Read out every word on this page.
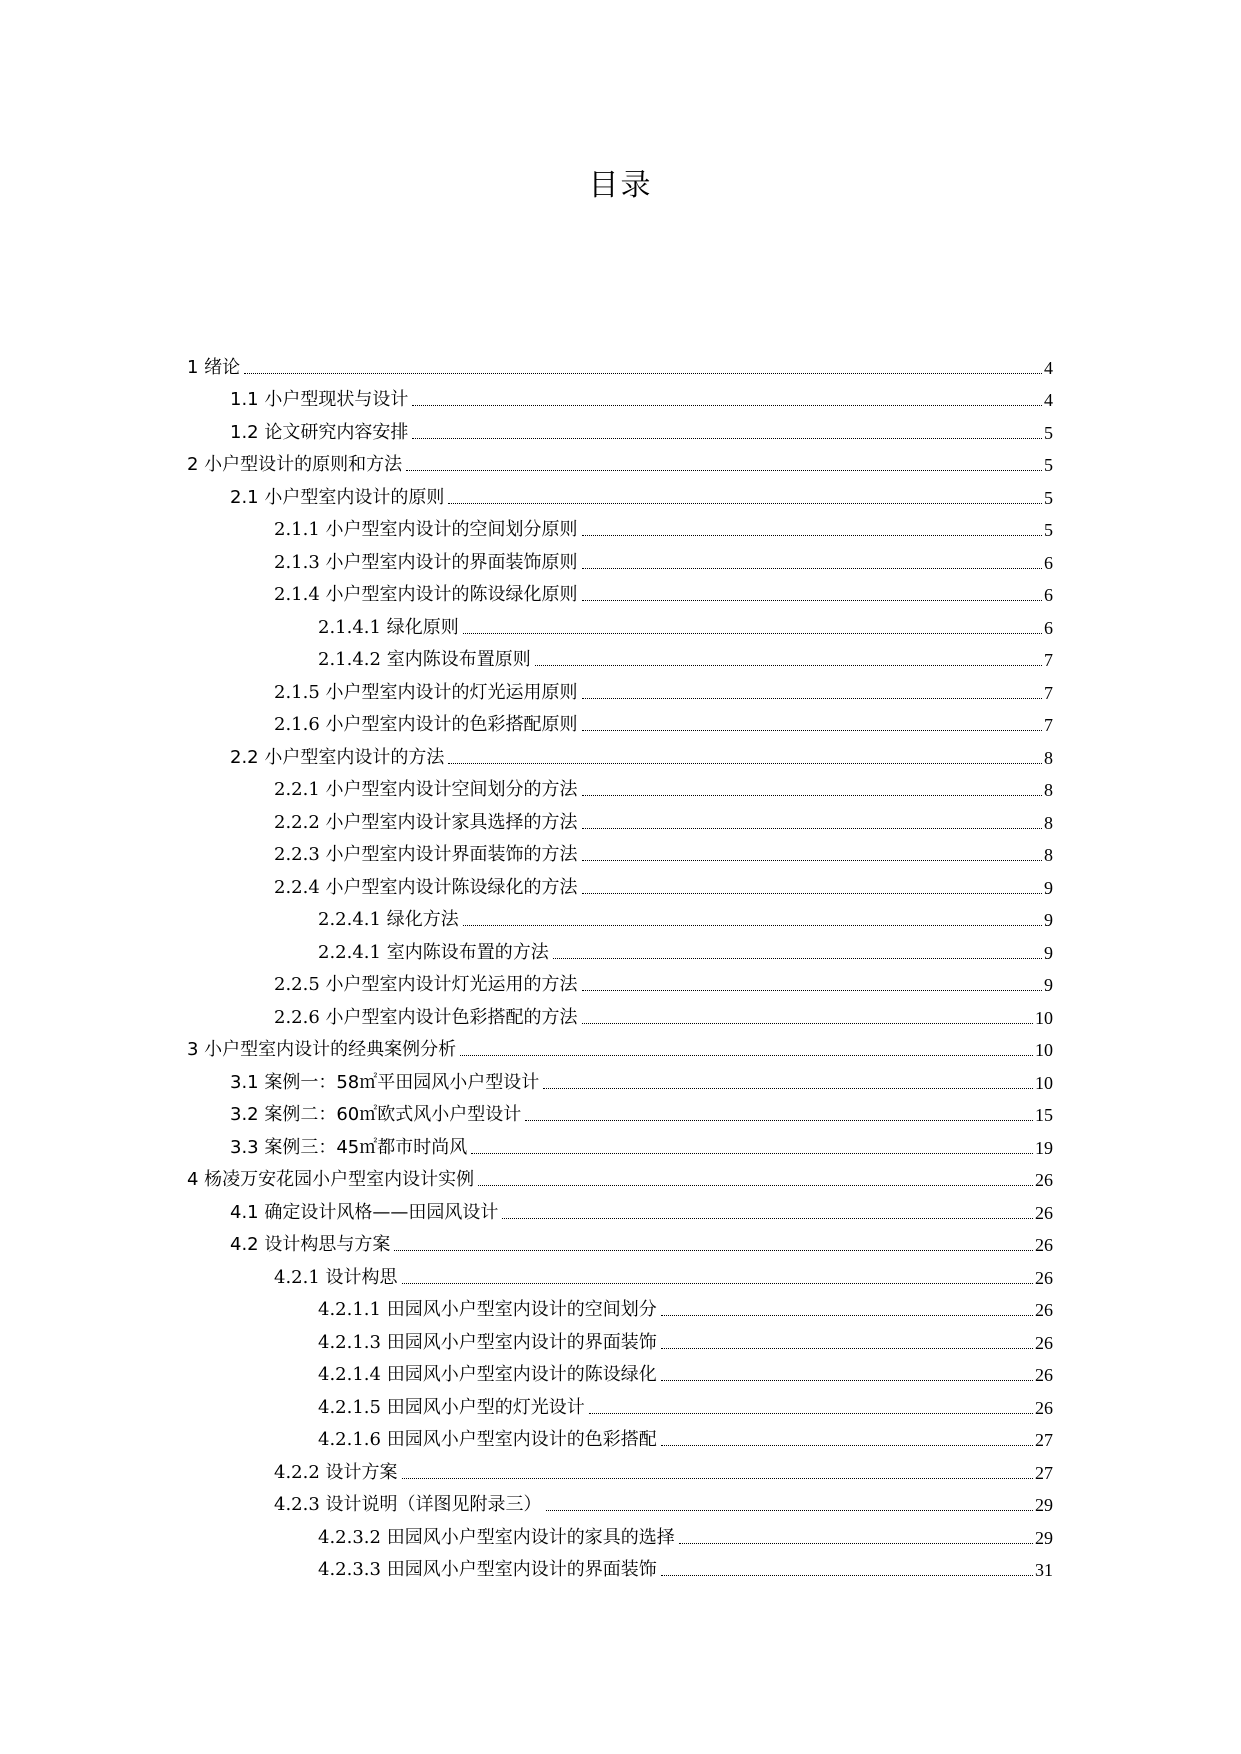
目录
1 绪论	4
1.1 小户型现状与设计	4
1.2 论文研究内容安排	5
2 小户型设计的原则和方法	5
2.1 小户型室内设计的原则	5
2.1.1 小户型室内设计的空间划分原则	5
2.1.3 小户型室内设计的界面装饰原则	6
2.1.4 小户型室内设计的陈设绿化原则	6
2.1.4.1 绿化原则	6
2.1.4.2 室内陈设布置原则	7
2.1.5 小户型室内设计的灯光运用原则	7
2.1.6 小户型室内设计的色彩搭配原则	7
2.2 小户型室内设计的方法	8
2.2.1 小户型室内设计空间划分的方法	8
2.2.2 小户型室内设计家具选择的方法	8
2.2.3 小户型室内设计界面装饰的方法	8
2.2.4 小户型室内设计陈设绿化的方法	9
2.2.4.1 绿化方法	9
2.2.4.1 室内陈设布置的方法	9
2.2.5 小户型室内设计灯光运用的方法	9
2.2.6 小户型室内设计色彩搭配的方法	10
3 小户型室内设计的经典案例分析	10
3.1 案例一：58㎡平田园风小户型设计	10
3.2 案例二：60㎡欧式风小户型设计	15
3.3 案例三：45㎡都市时尚风	19
4 杨凌万安花园小户型室内设计实例	26
4.1 确定设计风格——田园风设计	26
4.2 设计构思与方案	26
4.2.1 设计构思	26
4.2.1.1 田园风小户型室内设计的空间划分	26
4.2.1.3 田园风小户型室内设计的界面装饰	26
4.2.1.4 田园风小户型室内设计的陈设绿化	26
4.2.1.5 田园风小户型的灯光设计	26
4.2.1.6 田园风小户型室内设计的色彩搭配	27
4.2.2 设计方案	27
4.2.3 设计说明（详图见附录三）	29
4.2.3.2 田园风小户型室内设计的家具的选择	29
4.2.3.3 田园风小户型室内设计的界面装饰	31
